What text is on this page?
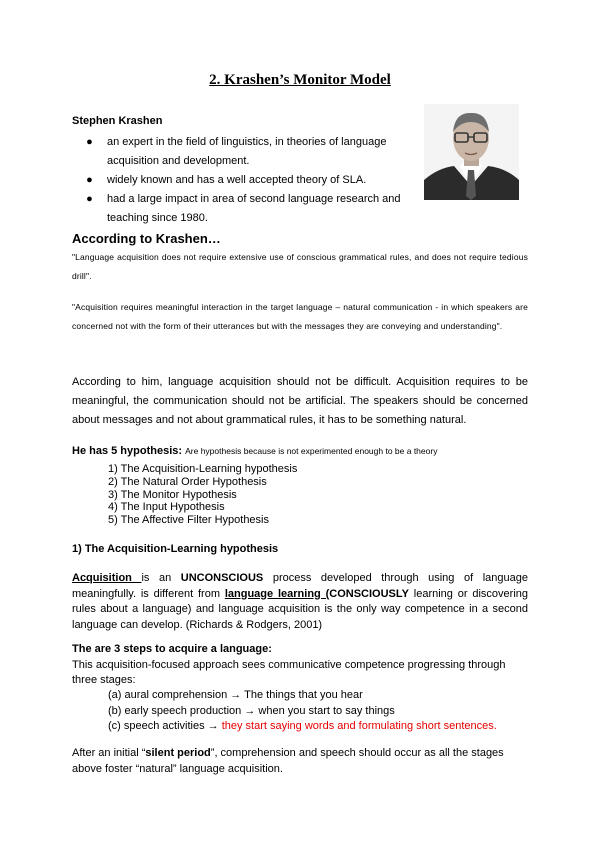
2. Krashen’s Monitor Model
Stephen Krashen
●	an expert in the field of linguistics, in theories of language acquisition and development.
●	widely known and has a well accepted theory of SLA.
●	had a large impact in area of second language research and teaching since 1980.
According to Krashen…

"Language acquisition does not require extensive use of conscious grammatical rules, and does not require tedious drill".

"Acquisition requires meaningful interaction in the target language – natural communication - in which speakers are concerned not with the form of their utterances but with the messages they are conveying and understanding".

According to him, language acquisition should not be difficult. Acquisition requires to be meaningful, the communication should not be artificial. The speakers should be concerned about messages and not about grammatical rules, it has to be something natural.

He has 5 hypothesis: Are hypothesis because is not experimented enough to be a theory
1) The Acquisition-Learning hypothesis
2) The Natural Order Hypothesis
3) The Monitor Hypothesis
4) The Input Hypothesis
5) The Affective Filter Hypothesis
1) The Acquisition-Learning hypothesis

Acquisition is an UNCONSCIOUS process developed through using of language meaningfully. is different from language learning (CONSCIOUSLY learning or discovering rules about a language) and language acquisition is the only way competence in a second language can develop. (Richards & Rodgers, 2001)

The are 3 steps to acquire a language:
This acquisition-focused approach sees communicative competence progressing through three stages:
(a) aural comprehension → The things that you hear
(b) early speech production → when you start to say things
(c) speech activities → they start saying words and formulating short sentences.

After an initial “silent period”, comprehension and speech should occur as all the stages above foster “natural” language acquisition.
